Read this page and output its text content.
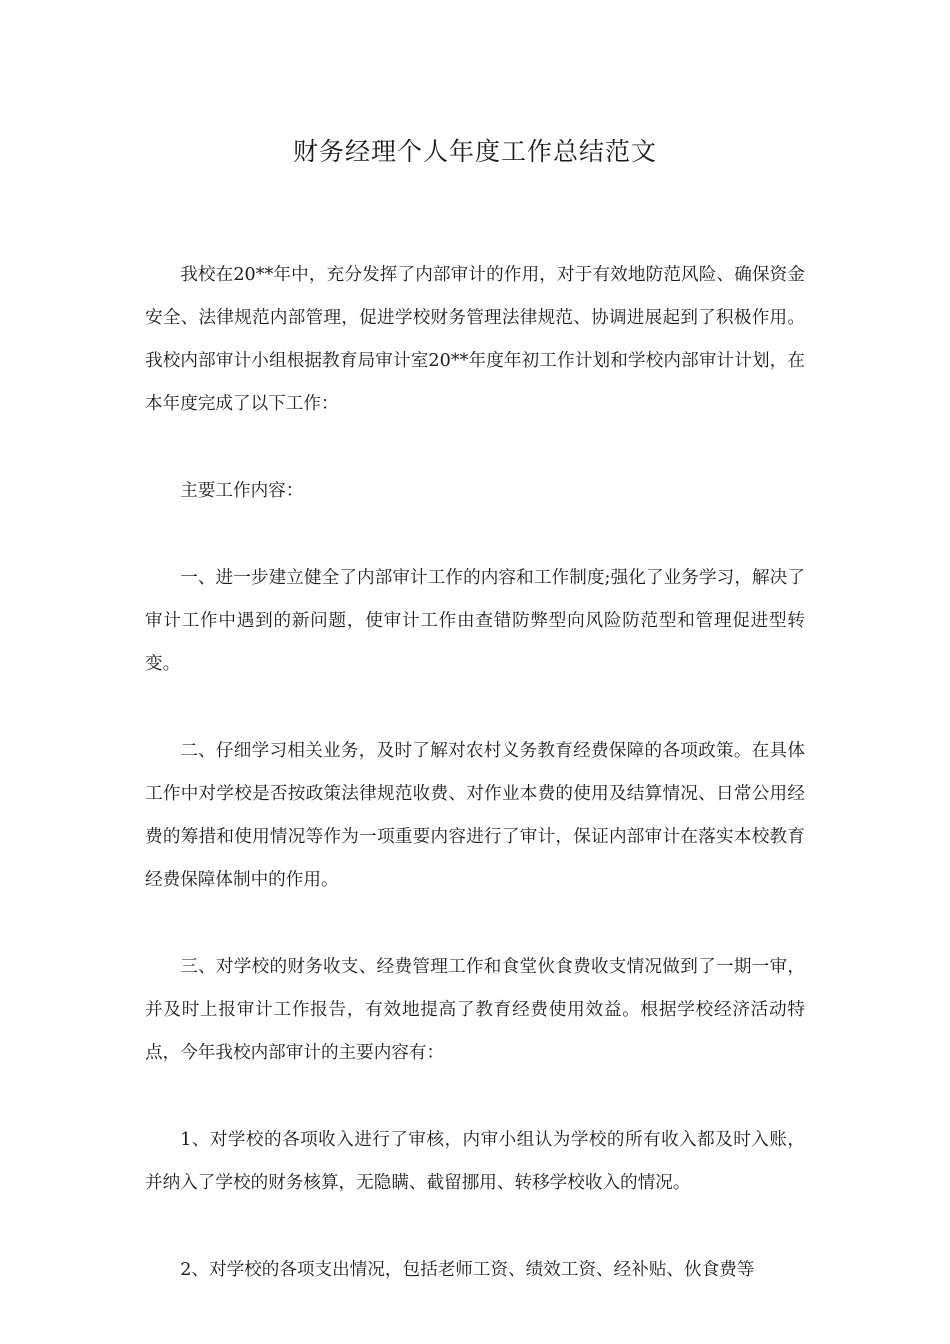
财务经理个人年度工作总结范文

我校在20**年中，充分发挥了内部审计的作用，对于有效地防范风险、确保资金安全、法律规范内部管理，促进学校财务管理法律规范、协调进展起到了积极作用。我校内部审计小组根据教育局审计室20**年度年初工作计划和学校内部审计计划，在本年度完成了以下工作：

主要工作内容：

一、进一步建立健全了内部审计工作的内容和工作制度;强化了业务学习，解决了审计工作中遇到的新问题，使审计工作由查错防弊型向风险防范型和管理促进型转变。

二、仔细学习相关业务，及时了解对农村义务教育经费保障的各项政策。在具体工作中对学校是否按政策法律规范收费、对作业本费的使用及结算情况、日常公用经费的筹措和使用情况等作为一项重要内容进行了审计，保证内部审计在落实本校教育经费保障体制中的作用。

三、对学校的财务收支、经费管理工作和食堂伙食费收支情况做到了一期一审，并及时上报审计工作报告，有效地提高了教育经费使用效益。根据学校经济活动特点，今年我校内部审计的主要内容有：

1、对学校的各项收入进行了审核，内审小组认为学校的所有收入都及时入账，并纳入了学校的财务核算，无隐瞒、截留挪用、转移学校收入的情况。

2、对学校的各项支出情况，包括老师工资、绩效工资、经补贴、伙食费等
